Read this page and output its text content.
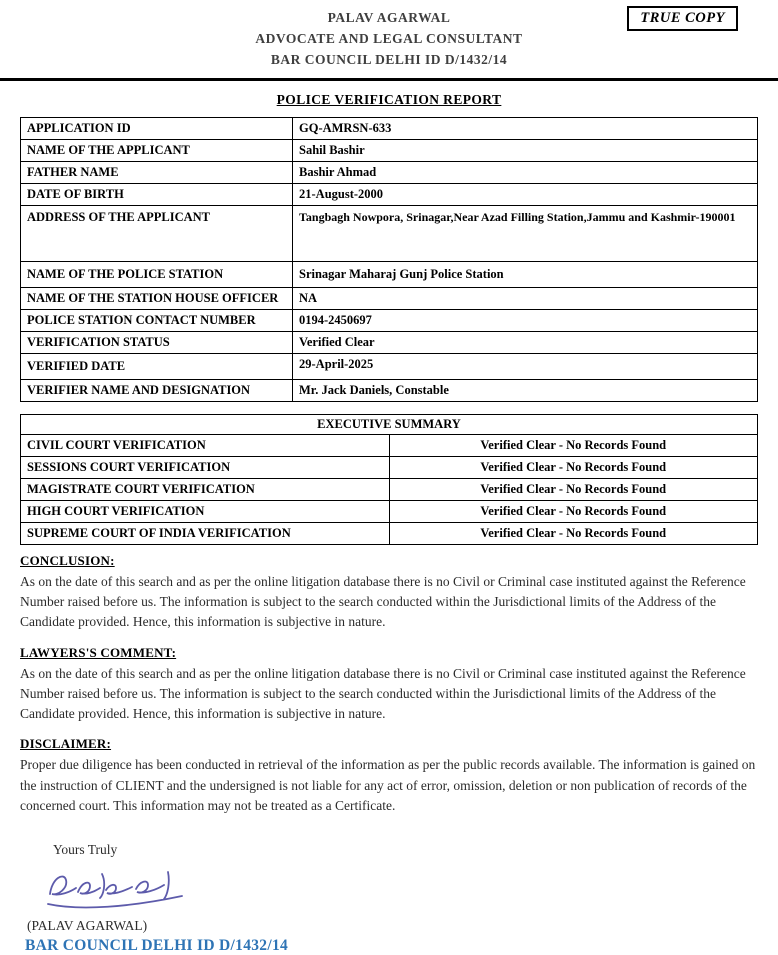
PALAV AGARWAL
ADVOCATE AND LEGAL CONSULTANT
BAR COUNCIL DELHI ID D/1432/14
TRUE COPY
POLICE VERIFICATION REPORT
APPLICATION ID	GQ-AMRSN-633
NAME OF THE APPLICANT	Sahil Bashir
FATHER NAME	Bashir Ahmad
DATE OF BIRTH	21-August-2000
ADDRESS OF THE APPLICANT	Tangbagh Nowpora, Srinagar,Near Azad Filling Station,Jammu and Kashmir-190001
NAME OF THE POLICE STATION	Srinagar Maharaj Gunj Police Station
NAME OF THE STATION HOUSE OFFICER	NA
POLICE STATION CONTACT NUMBER	0194-2450697
VERIFICATION STATUS	Verified Clear
VERIFIED DATE	29-April-2025
VERIFIER NAME AND DESIGNATION	Mr. Jack Daniels, Constable
EXECUTIVE SUMMARY	
CIVIL COURT VERIFICATION	Verified Clear - No Records Found
SESSIONS COURT VERIFICATION	Verified Clear - No Records Found
MAGISTRATE COURT VERIFICATION	Verified Clear - No Records Found
HIGH COURT VERIFICATION	Verified Clear - No Records Found
SUPREME COURT OF INDIA VERIFICATION	Verified Clear - No Records Found
CONCLUSION:
As on the date of this search and as per the online litigation database there is no Civil or Criminal case instituted against the Reference Number raised before us. The information is subject to the search conducted within the Jurisdictional limits of the Address of the Candidate provided. Hence, this information is subjective in nature.
LAWYERS'S COMMENT:
As on the date of this search and as per the online litigation database there is no Civil or Criminal case instituted against the Reference Number raised before us. The information is subject to the search conducted within the Jurisdictional limits of the Address of the Candidate provided. Hence, this information is subjective in nature.
DISCLAIMER:
Proper due diligence has been conducted in retrieval of the information as per the public records available. The information is gained on the instruction of CLIENT and the undersigned is not liable for any act of error, omission, deletion or non publication of records of the concerned court. This information may not be treated as a Certificate.
Yours Truly
(PALAV AGARWAL)
BAR COUNCIL DELHI ID D/1432/14
